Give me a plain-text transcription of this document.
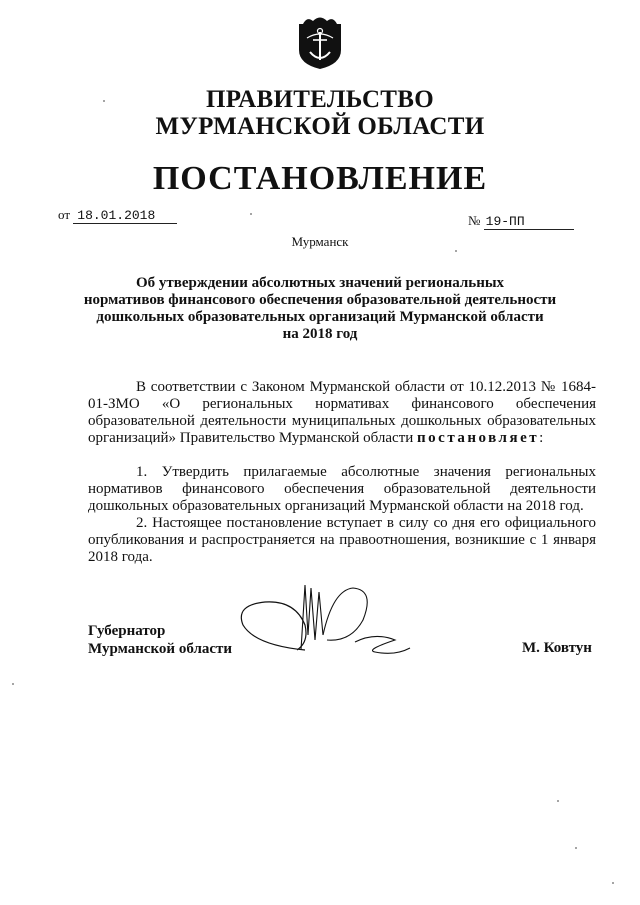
ПРАВИТЕЛЬСТВО
МУРМАНСКОЙ ОБЛАСТИ
ПОСТАНОВЛЕНИЕ
от 18.01.2018	№ 19-ПП
Мурманск
Об утверждении абсолютных значений региональных
нормативов финансового обеспечения образовательной деятельности
дошкольных образовательных организаций Мурманской области
на 2018 год
В соответствии с Законом Мурманской области от 10.12.2013 № 1684-01-ЗМО «О региональных нормативах финансового обеспечения образовательной деятельности муниципальных дошкольных образовательных организаций» Правительство Мурманской области постановляет:
1. Утвердить прилагаемые абсолютные значения региональных нормативов финансового обеспечения образовательной деятельности дошкольных образовательных организаций Мурманской области на 2018 год.
2. Настоящее постановление вступает в силу со дня его официального опубликования и распространяется на правоотношения, возникшие с 1 января 2018 года.
Губернатор
Мурманской области	М. Ковтун
